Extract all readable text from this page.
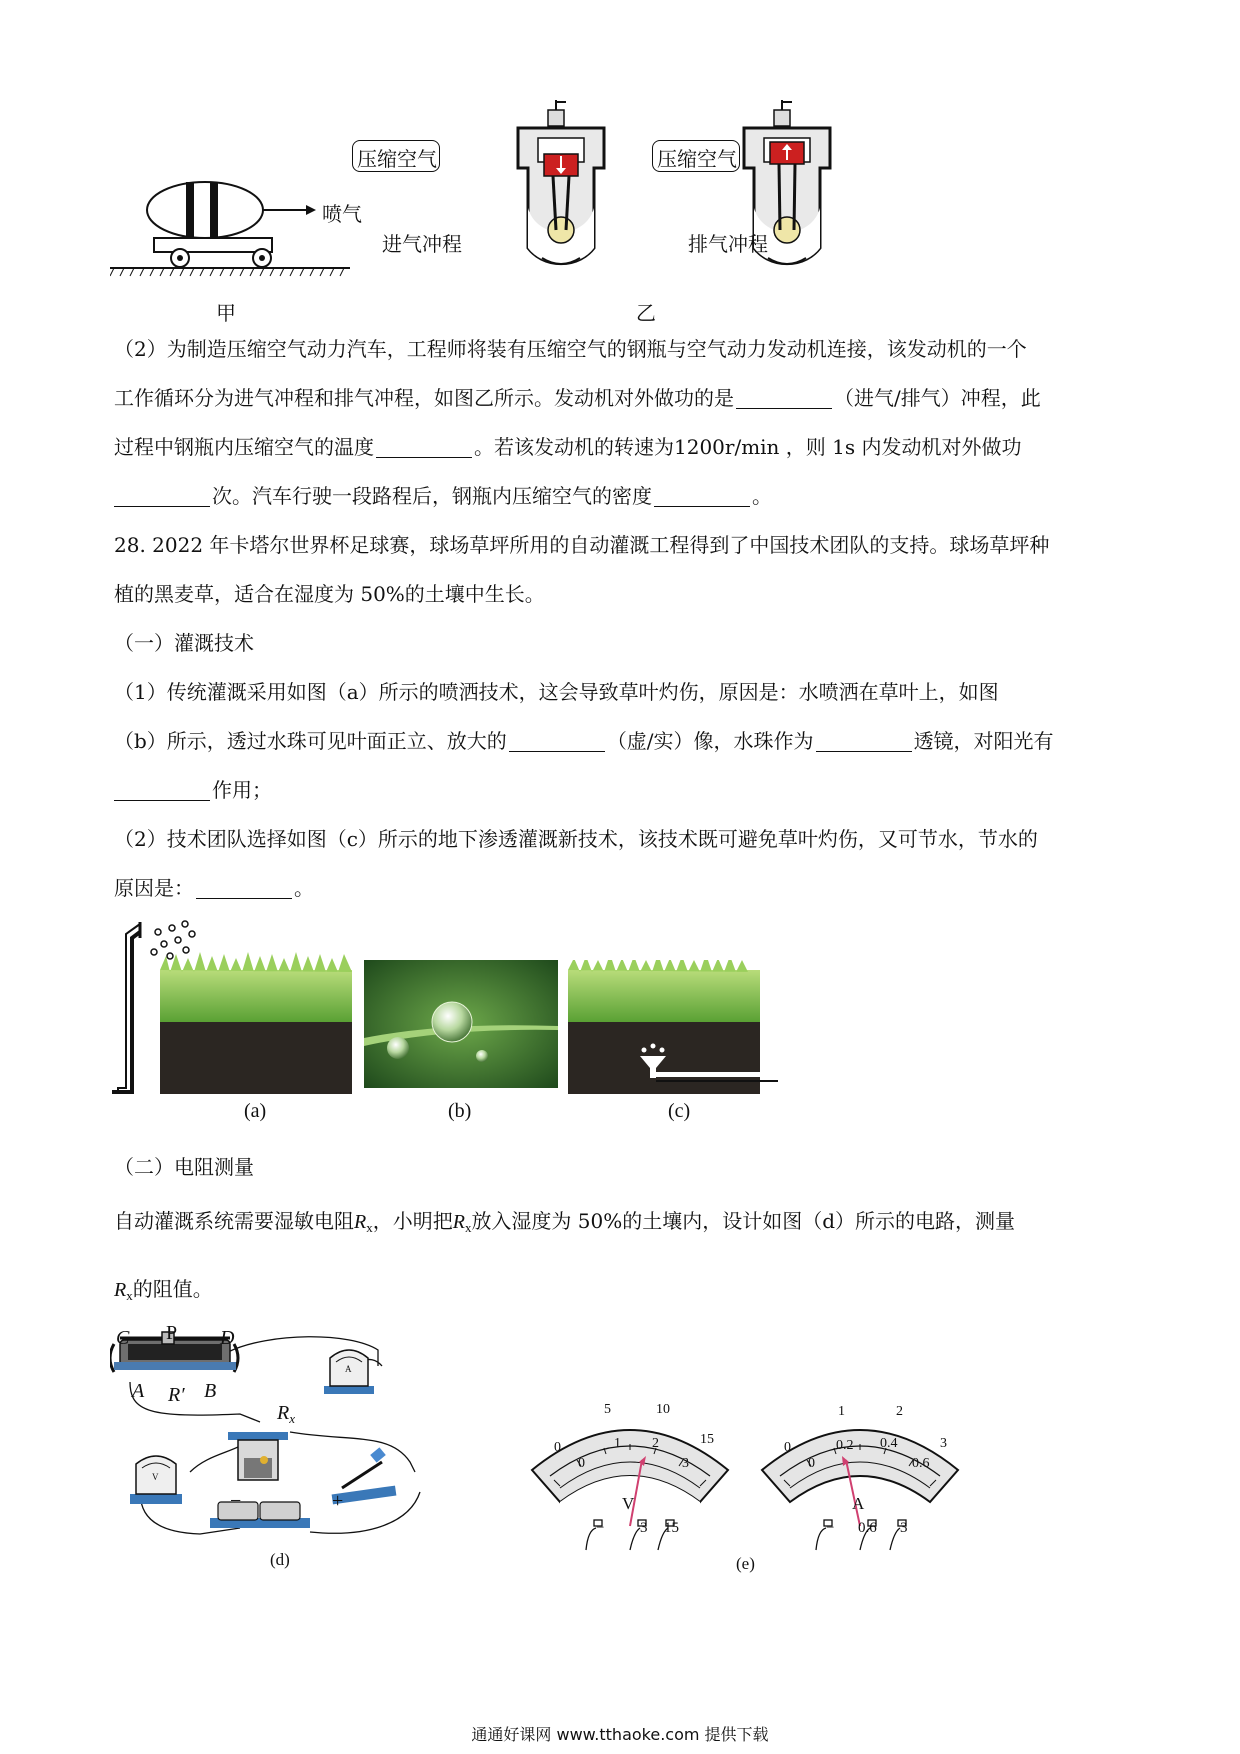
喷气
甲
压缩空气
进气冲程
压缩空气
排气冲程
乙
（2）为制造压缩空气动力汽车，工程师将装有压缩空气的钢瓶与空气动力发动机连接，该发动机的一个
工作循环分为进气冲程和排气冲程，如图乙所示。发动机对外做功的是	（进气/排气）冲程，此
过程中钢瓶内压缩空气的温度	。若该发动机的转速为1200r/min ，则 1s 内发动机对外做功
次。汽车行驶一段路程后，钢瓶内压缩空气的密度	。
28. 2022 年卡塔尔世界杯足球赛，球场草坪所用的自动灌溉工程得到了中国技术团队的支持。球场草坪种
植的黑麦草，适合在湿度为 50%的土壤中生长。
（一）灌溉技术
（1）传统灌溉采用如图（a）所示的喷洒技术，这会导致草叶灼伤，原因是：水喷洒在草叶上，如图
（b）所示，透过水珠可见叶面正立、放大的	（虚/实）像，水珠作为	透镜，对阳光有
作用；
（2）技术团队选择如图（c）所示的地下渗透灌溉新技术，该技术既可避免草叶灼伤，又可节水，节水的
原因是：	。
(a)	(b)	(c)
（二）电阻测量
自动灌溉系统需要湿敏电阻$R_x$，小明把$R_x$放入湿度为 50%的土壤内，设计如图（d）所示的电路，测量
$R_x$的阻值。
A
V
C P D
A R′ B
$R_x$
−	+
(d)
0
5	10
15
0
1 2
3
V
− 3 15
0
1	2
3
0
0.2 0.4
0.6
A
− 0.6 3
(e)
通通好课网 www.tthaoke.com 提供下载
